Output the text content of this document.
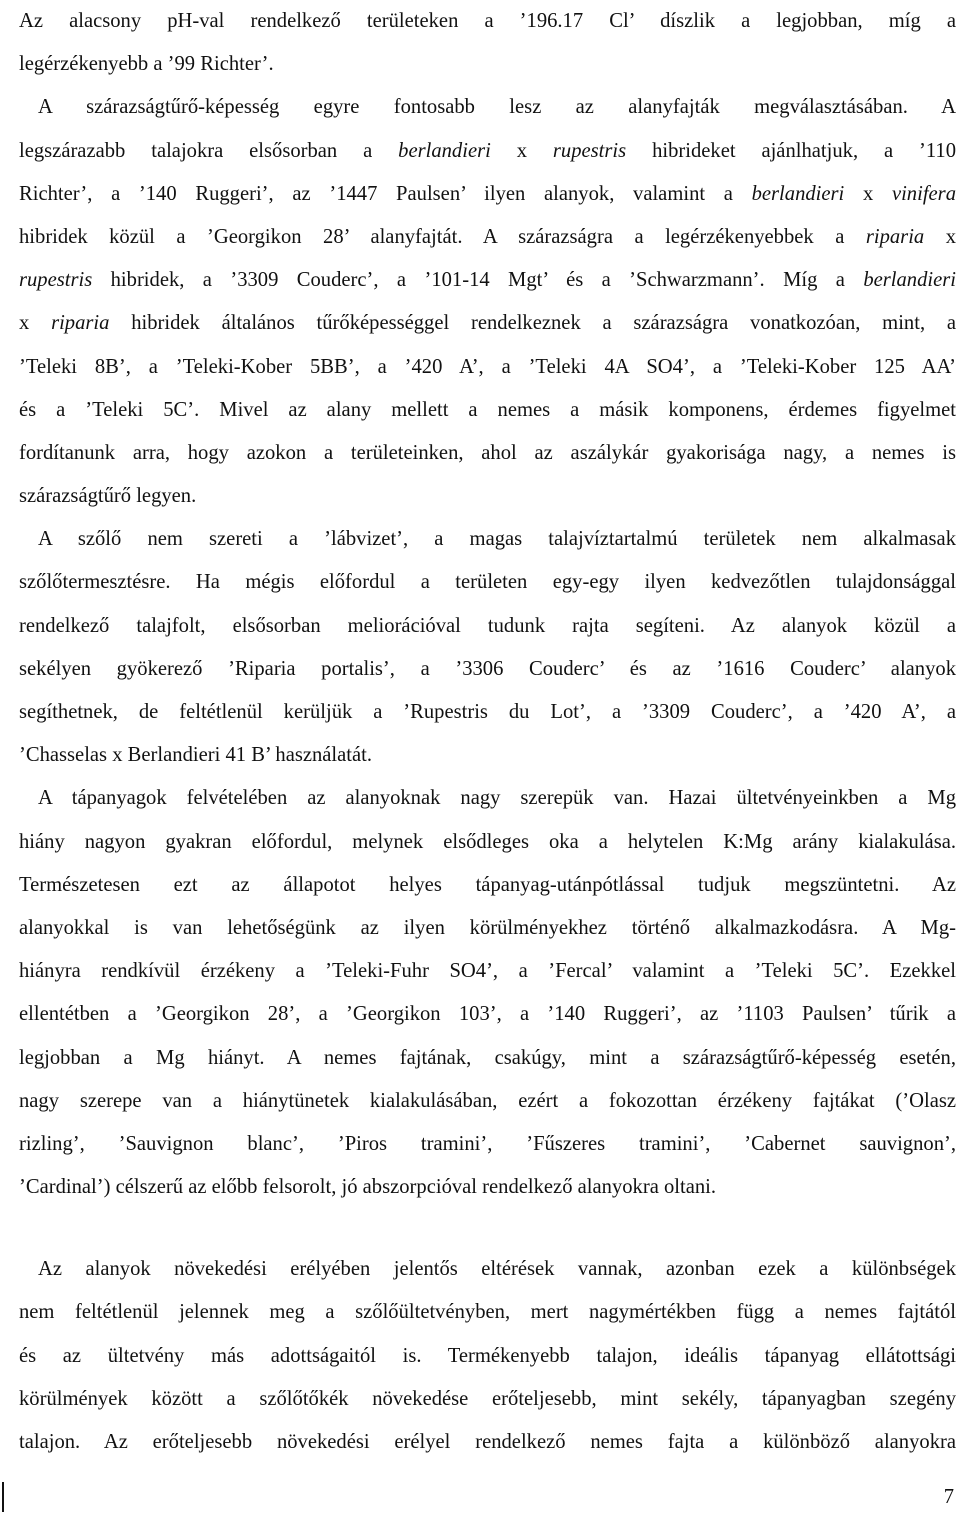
Az alacsony pH-val rendelkező területeken a ’196.17 Cl’ díszlik a legjobban, míg a
legérzékenyebb a ’99 Richter’.
A szárazságtűrő-képesség egyre fontosabb lesz az alanyfajták megválasztásában. A
legszárazabb talajokra elsősorban a berlandieri x rupestris hibrideket ajánlhatjuk, a ’110
Richter’, a ’140 Ruggeri’, az ’1447 Paulsen’ ilyen alanyok, valamint a berlandieri x vinifera
hibridek közül a ’Georgikon 28’ alanyfajtát. A szárazságra a legérzékenyebbek a riparia x
rupestris hibridek, a ’3309 Couderc’, a ’101-14 Mgt’ és a ’Schwarzmann’. Míg a berlandieri
x riparia hibridek általános tűrőképességgel rendelkeznek a szárazságra vonatkozóan, mint, a
’Teleki 8B’, a ’Teleki-Kober 5BB’, a ’420 A’, a ’Teleki 4A SO4’, a ’Teleki-Kober 125 AA’
és a ’Teleki 5C’. Mivel az alany mellett a nemes a másik komponens, érdemes figyelmet
fordítanunk arra, hogy azokon a területeinken, ahol az aszálykár gyakorisága nagy, a nemes is
szárazságtűrő legyen.
A szőlő nem szereti a ’lábvizet’, a magas talajvíztartalmú területek nem alkalmasak
szőlőtermesztésre. Ha mégis előfordul a területen egy-egy ilyen kedvezőtlen tulajdonsággal
rendelkező talajfolt, elsősorban meliorációval tudunk rajta segíteni. Az alanyok közül a
sekélyen gyökerező ’Riparia portalis’, a ’3306 Couderc’ és az ’1616 Couderc’ alanyok
segíthetnek, de feltétlenül kerüljük a ’Rupestris du Lot’, a ’3309 Couderc’, a ’420 A’, a
’Chasselas x Berlandieri 41 B’ használatát.
A tápanyagok felvételében az alanyoknak nagy szerepük van. Hazai ültetvényeinkben a Mg
hiány nagyon gyakran előfordul, melynek elsődleges oka a helytelen K:Mg arány kialakulása.
Természetesen ezt az állapotot helyes tápanyag-utánpótlással tudjuk megszüntetni. Az
alanyokkal is van lehetőségünk az ilyen körülményekhez történő alkalmazkodásra. A Mg-
hiányra rendkívül érzékeny a ’Teleki-Fuhr SO4’, a ’Fercal’ valamint a ’Teleki 5C’. Ezekkel
ellentétben a ’Georgikon 28’, a ’Georgikon 103’, a ’140 Ruggeri’, az ’1103 Paulsen’ tűrik a
legjobban a Mg hiányt. A nemes fajtának, csakúgy, mint a szárazságtűrő-képesség esetén,
nagy szerepe van a hiánytünetek kialakulásában, ezért a fokozottan érzékeny fajtákat (’Olasz
rizling’, ’Sauvignon blanc’, ’Piros tramini’, ’Fűszeres tramini’, ’Cabernet sauvignon’,
’Cardinal’) célszerű az előbb felsorolt, jó abszorpcióval rendelkező alanyokra oltani.
Az alanyok növekedési erélyében jelentős eltérések vannak, azonban ezek a különbségek
nem feltétlenül jelennek meg a szőlőültetvényben, mert nagymértékben függ a nemes fajtától
és az ültetvény más adottságaitól is. Termékenyebb talajon, ideális tápanyag ellátottsági
körülmények között a szőlőtőkék növekedése erőteljesebb, mint sekély, tápanyagban szegény
talajon. Az erőteljesebb növekedési erélyel rendelkező nemes fajta a különböző alanyokra
7
